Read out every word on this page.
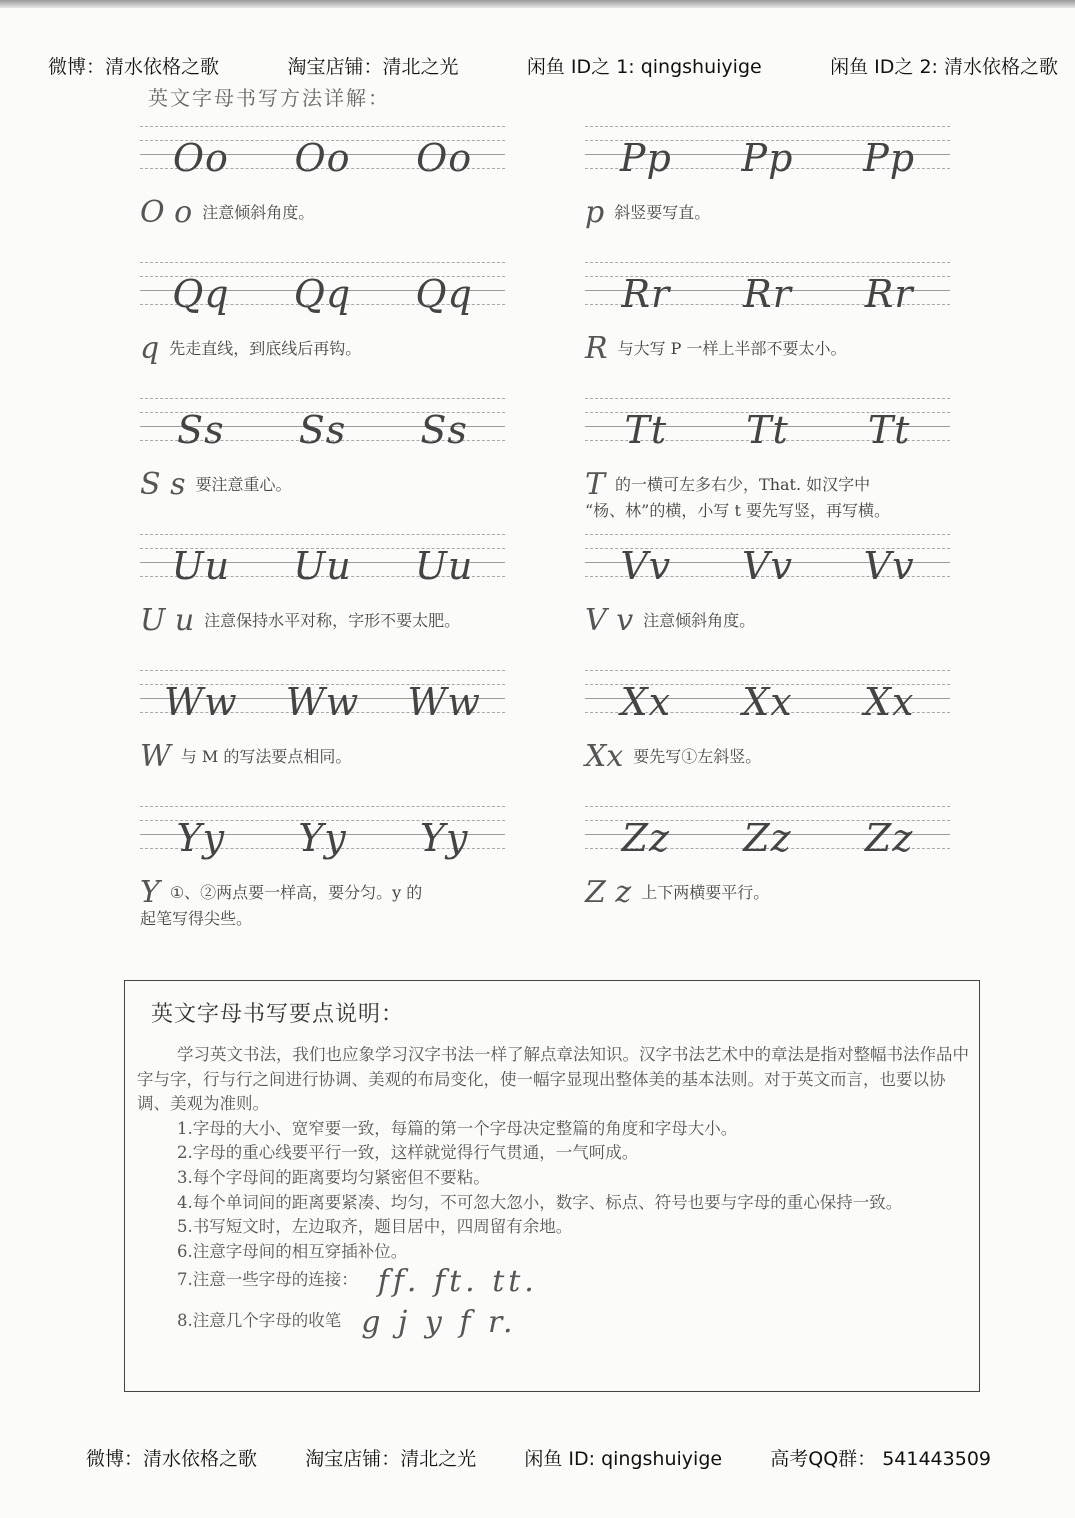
微博：清水依格之歌	淘宝店铺：清北之光	闲鱼 ID之 1: qingshuiyige	闲鱼 ID之 2: 清水依格之歌
英文字母书写方法详解：
Oo Oo Oo
O o 注意倾斜角度。
Pp Pp Pp
p斜竖要写直。
Qq Qq Qq
q先走直线，到底线后再钩。
Rr Rr Rr
R与大写 P 一样上半部不要太小。
Ss Ss Ss
S s 要注意重心。
Tt Tt Tt
T的一横可左多右少，That. 如汉字中
“杨、林”的横，小写 t 要先写竖，再写横。
Uu Uu Uu
U u 注意保持水平对称，字形不要太肥。
Vv Vv Vv
V v 注意倾斜角度。
Ww Ww Ww
W与 M 的写法要点相同。
Xx Xx Xx
Xx 要先写①左斜竖。
Yy Yy Yy
Y ①、②两点要一样高，要分匀。y 的
起笔写得尖些。
Zz Zz Zz
Z z 上下两横要平行。
英文字母书写要点说明：

学习英文书法，我们也应象学习汉字书法一样了解点章法知识。汉字书法艺术中的章法是指对整幅书法作品中字与字，行与行之间进行协调、美观的布局变化，使一幅字显现出整体美的基本法则。对于英文而言，也要以协调、美观为准则。

1.字母的大小、宽窄要一致，每篇的第一个字母决定整篇的角度和字母大小。

2.字母的重心线要平行一致，这样就觉得行气贯通，一气呵成。

3.每个字母间的距离要均匀紧密但不要粘。

4.每个单词间的距离要紧凑、均匀，不可忽大忽小，数字、标点、符号也要与字母的重心保持一致。

5.书写短文时，左边取齐，题目居中，四周留有余地。

6.注意字母间的相互穿插补位。

7.注意一些字母的连接： ff. ft. tt.

8.注意几个字母的收笔 g j y f r.

微博：清水依格之歌	淘宝店铺：清北之光	闲鱼 ID: qingshuiyige	高考QQ群： 541443509
